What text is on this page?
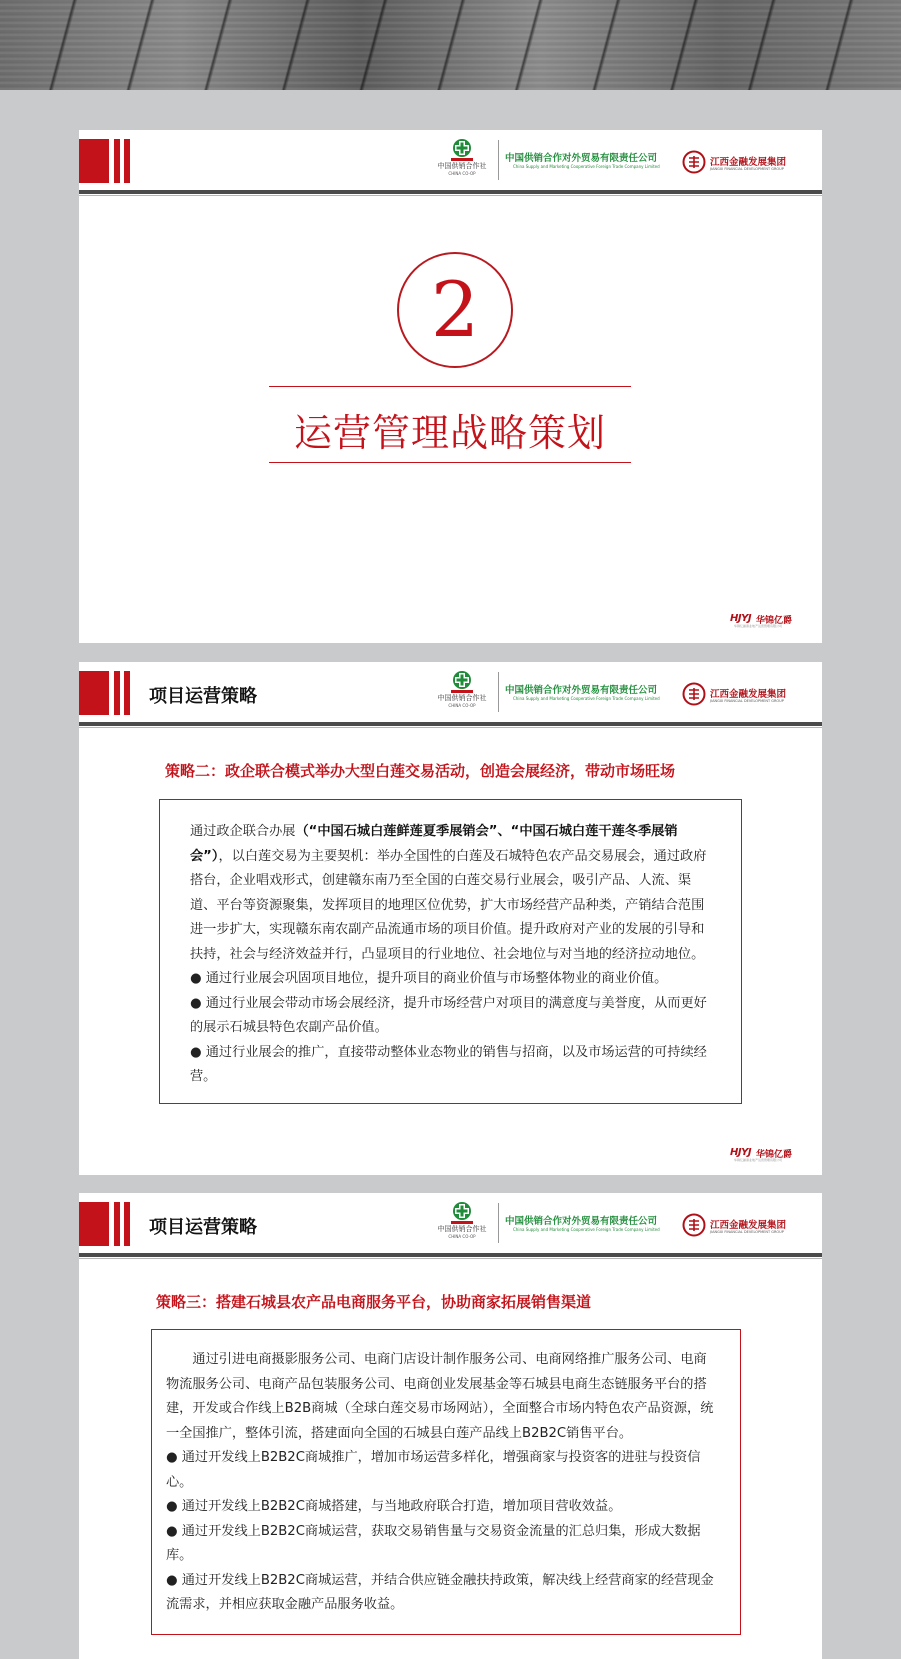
中国供销合作社
CHINA CO-OP
中国供销合作对外贸易有限责任公司
China Supply and Marketing Cooperative Foreign Trade Company Limited	江西金融发展集团
JIANGXI FINANCIAL DEVELOPMENT GROUP
2
运营管理战略策划
HJYJ 华锦亿爵
华锦亿爵商业地产运营管理有限公司
项目运营策略	中国供销合作社
CHINA CO-OP
中国供销合作对外贸易有限责任公司
China Supply and Marketing Cooperative Foreign Trade Company Limited	江西金融发展集团
JIANGXI FINANCIAL DEVELOPMENT GROUP
策略二：政企联合模式举办大型白莲交易活动，创造会展经济，带动市场旺场

通过政企联合办展（“中国石城白莲鲜莲夏季展销会”、“中国石城白莲干莲冬季展销会”），以白莲交易为主要契机：举办全国性的白莲及石城特色农产品交易展会，通过政府搭台，企业唱戏形式，创建赣东南乃至全国的白莲交易行业展会，吸引产品、人流、渠道、平台等资源聚集，发挥项目的地理区位优势，扩大市场经营产品种类，产销结合范围进一步扩大，实现赣东南农副产品流通市场的项目价值。提升政府对产业的发展的引导和扶持，社会与经济效益并行，凸显项目的行业地位、社会地位与对当地的经济拉动地位。

● 通过行业展会巩固项目地位，提升项目的商业价值与市场整体物业的商业价值。

● 通过行业展会带动市场会展经济，提升市场经营户对项目的满意度与美誉度，从而更好的展示石城县特色农副产品价值。

● 通过行业展会的推广，直接带动整体业态物业的销售与招商，以及市场运营的可持续经营。

HJYJ 华锦亿爵
华锦亿爵商业地产运营管理有限公司
项目运营策略	中国供销合作社
CHINA CO-OP
中国供销合作对外贸易有限责任公司
China Supply and Marketing Cooperative Foreign Trade Company Limited	江西金融发展集团
JIANGXI FINANCIAL DEVELOPMENT GROUP
策略三：搭建石城县农产品电商服务平台，协助商家拓展销售渠道

通过引进电商摄影服务公司、电商门店设计制作服务公司、电商网络推广服务公司、电商物流服务公司、电商产品包装服务公司、电商创业发展基金等石城县电商生态链服务平台的搭建，开发或合作线上B2B商城（全球白莲交易市场网站），全面整合市场内特色农产品资源，统一全国推广，整体引流，搭建面向全国的石城县白莲产品线上B2B2C销售平台。

● 通过开发线上B2B2C商城推广，增加市场运营多样化，增强商家与投资客的进驻与投资信心。

● 通过开发线上B2B2C商城搭建，与当地政府联合打造，增加项目营收效益。

● 通过开发线上B2B2C商城运营，获取交易销售量与交易资金流量的汇总归集，形成大数据库。

● 通过开发线上B2B2C商城运营，并结合供应链金融扶持政策，解决线上经营商家的经营现金流需求，并相应获取金融产品服务收益。
